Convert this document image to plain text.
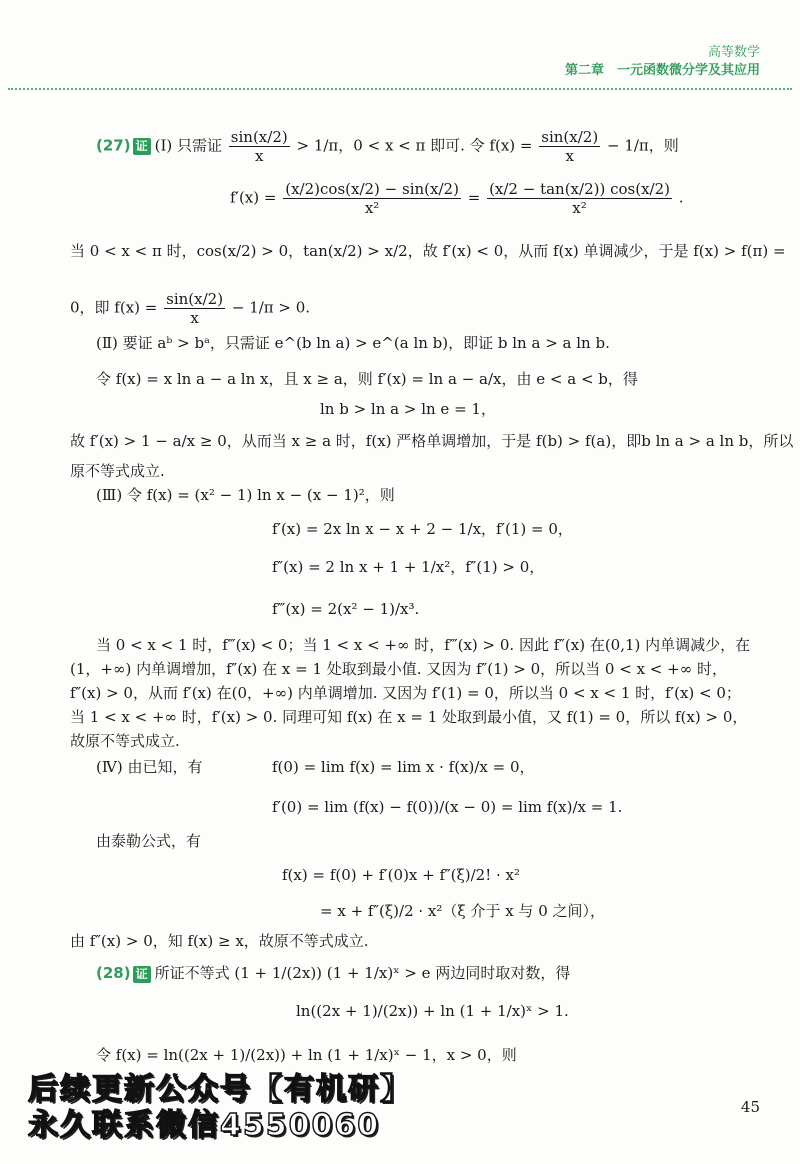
高等数学
第二章　一元函数微分学及其应用
(27) 证 (Ⅰ) 只需证 $\frac{\sin(x/2)}{x} > 1/\pi$，0 < x < π 即可. 令 $f(x) = \frac{\sin(x/2)}{x} - 1/\pi$，则
$f'(x) = \frac{(x/2)\cos(x/2) - \sin(x/2)}{\text{x²}} = \frac{(x/2 - \tan(x/2)) \cos(x/2)}{\text{x²}}$ .
当 0 < x < π 时，cos(x/2) > 0，tan(x/2) > x/2，故 f′(x) < 0，从而 f(x) 单调减少，于是 f(x) > f(π) =
0，即 $f(x) = \frac{\sin(x/2)}{x} - 1/\pi > 0$.
(Ⅱ) 要证 aᵇ > bᵃ，只需证 e^(b ln a) > e^(a ln b)，即证 b ln a > a ln b.
令 f(x) = x ln a − a ln x，且 x ≥ a，则 f′(x) = ln a − a/x，由 e < a < b，得
ln b > ln a > ln e = 1，
故 f′(x) > 1 − a/x ≥ 0，从而当 x ≥ a 时，f(x) 严格单调增加，于是 f(b) > f(a)，即b ln a > a ln b，所以
原不等式成立.
(Ⅲ) 令 f(x) = (x² − 1) ln x − (x − 1)²，则
f′(x) = 2x ln x − x + 2 − 1/x，f′(1) = 0，
f″(x) = 2 ln x + 1 + 1/x²，f″(1) > 0，
f‴(x) = 2(x² − 1)/x³.
当 0 < x < 1 时，f‴(x) < 0；当 1 < x < +∞ 时，f‴(x) > 0. 因此 f″(x) 在(0,1) 内单调减少，在
(1，+∞) 内单调增加，f″(x) 在 x = 1 处取到最小值. 又因为 f″(1) > 0，所以当 0 < x < +∞ 时，
f″(x) > 0，从而 f′(x) 在(0，+∞) 内单调增加. 又因为 f′(1) = 0，所以当 0 < x < 1 时，f′(x) < 0；
当 1 < x < +∞ 时，f′(x) > 0. 同理可知 f(x) 在 x = 1 处取到最小值，又 f(1) = 0，所以 f(x) > 0，
故原不等式成立.
(Ⅳ) 由已知，有	f(0) = lim f(x) = lim x · f(x)/x = 0，
f′(0) = lim (f(x) − f(0))/(x − 0) = lim f(x)/x = 1.
由泰勒公式，有
f(x) = f(0) + f′(0)x + f″(ξ)/2! · x²
= x + f″(ξ)/2 · x²（ξ 介于 x 与 0 之间），
由 f″(x) > 0，知 f(x) ≥ x，故原不等式成立.
(28) 证 所证不等式 (1 + 1/(2x)) (1 + 1/x)ˣ > e 两边同时取对数，得
ln((2x + 1)/(2x)) + ln (1 + 1/x)ˣ > 1.
令 f(x) = ln((2x + 1)/(2x)) + ln (1 + 1/x)ˣ − 1，x > 0，则
后续更新公众号【有机研】
永久联系微信4550060
45
